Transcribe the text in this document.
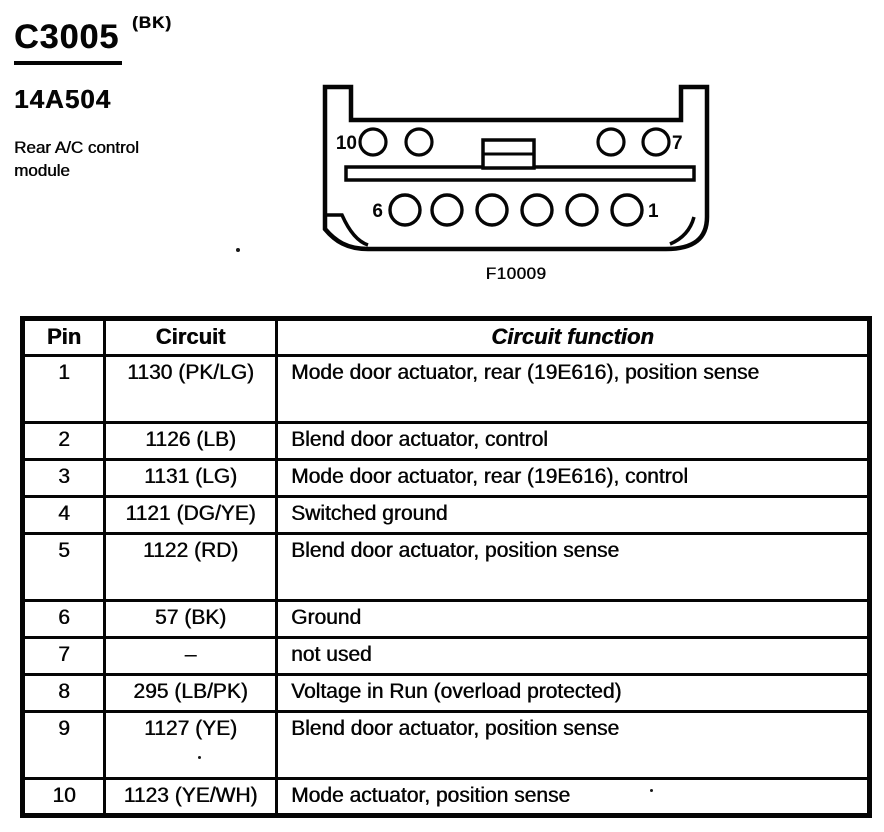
C3005 (BK)
14A504
Rear A/C control module
10	7
6	1
F10009
Pin	Circuit	Circuit function
1	1130 (PK/LG)	Mode door actuator, rear (19E616), position sense
2	1126 (LB)	Blend door actuator, control
3	1131 (LG)	Mode door actuator, rear (19E616), control
4	1121 (DG/YE)	Switched ground
5	1122 (RD)	Blend door actuator, position sense
6	57 (BK)	Ground
7	–	not used
8	295 (LB/PK)	Voltage in Run (overload protected)
9	1127 (YE)	Blend door actuator, position sense
10	1123 (YE/WH)	Mode actuator, position sense
